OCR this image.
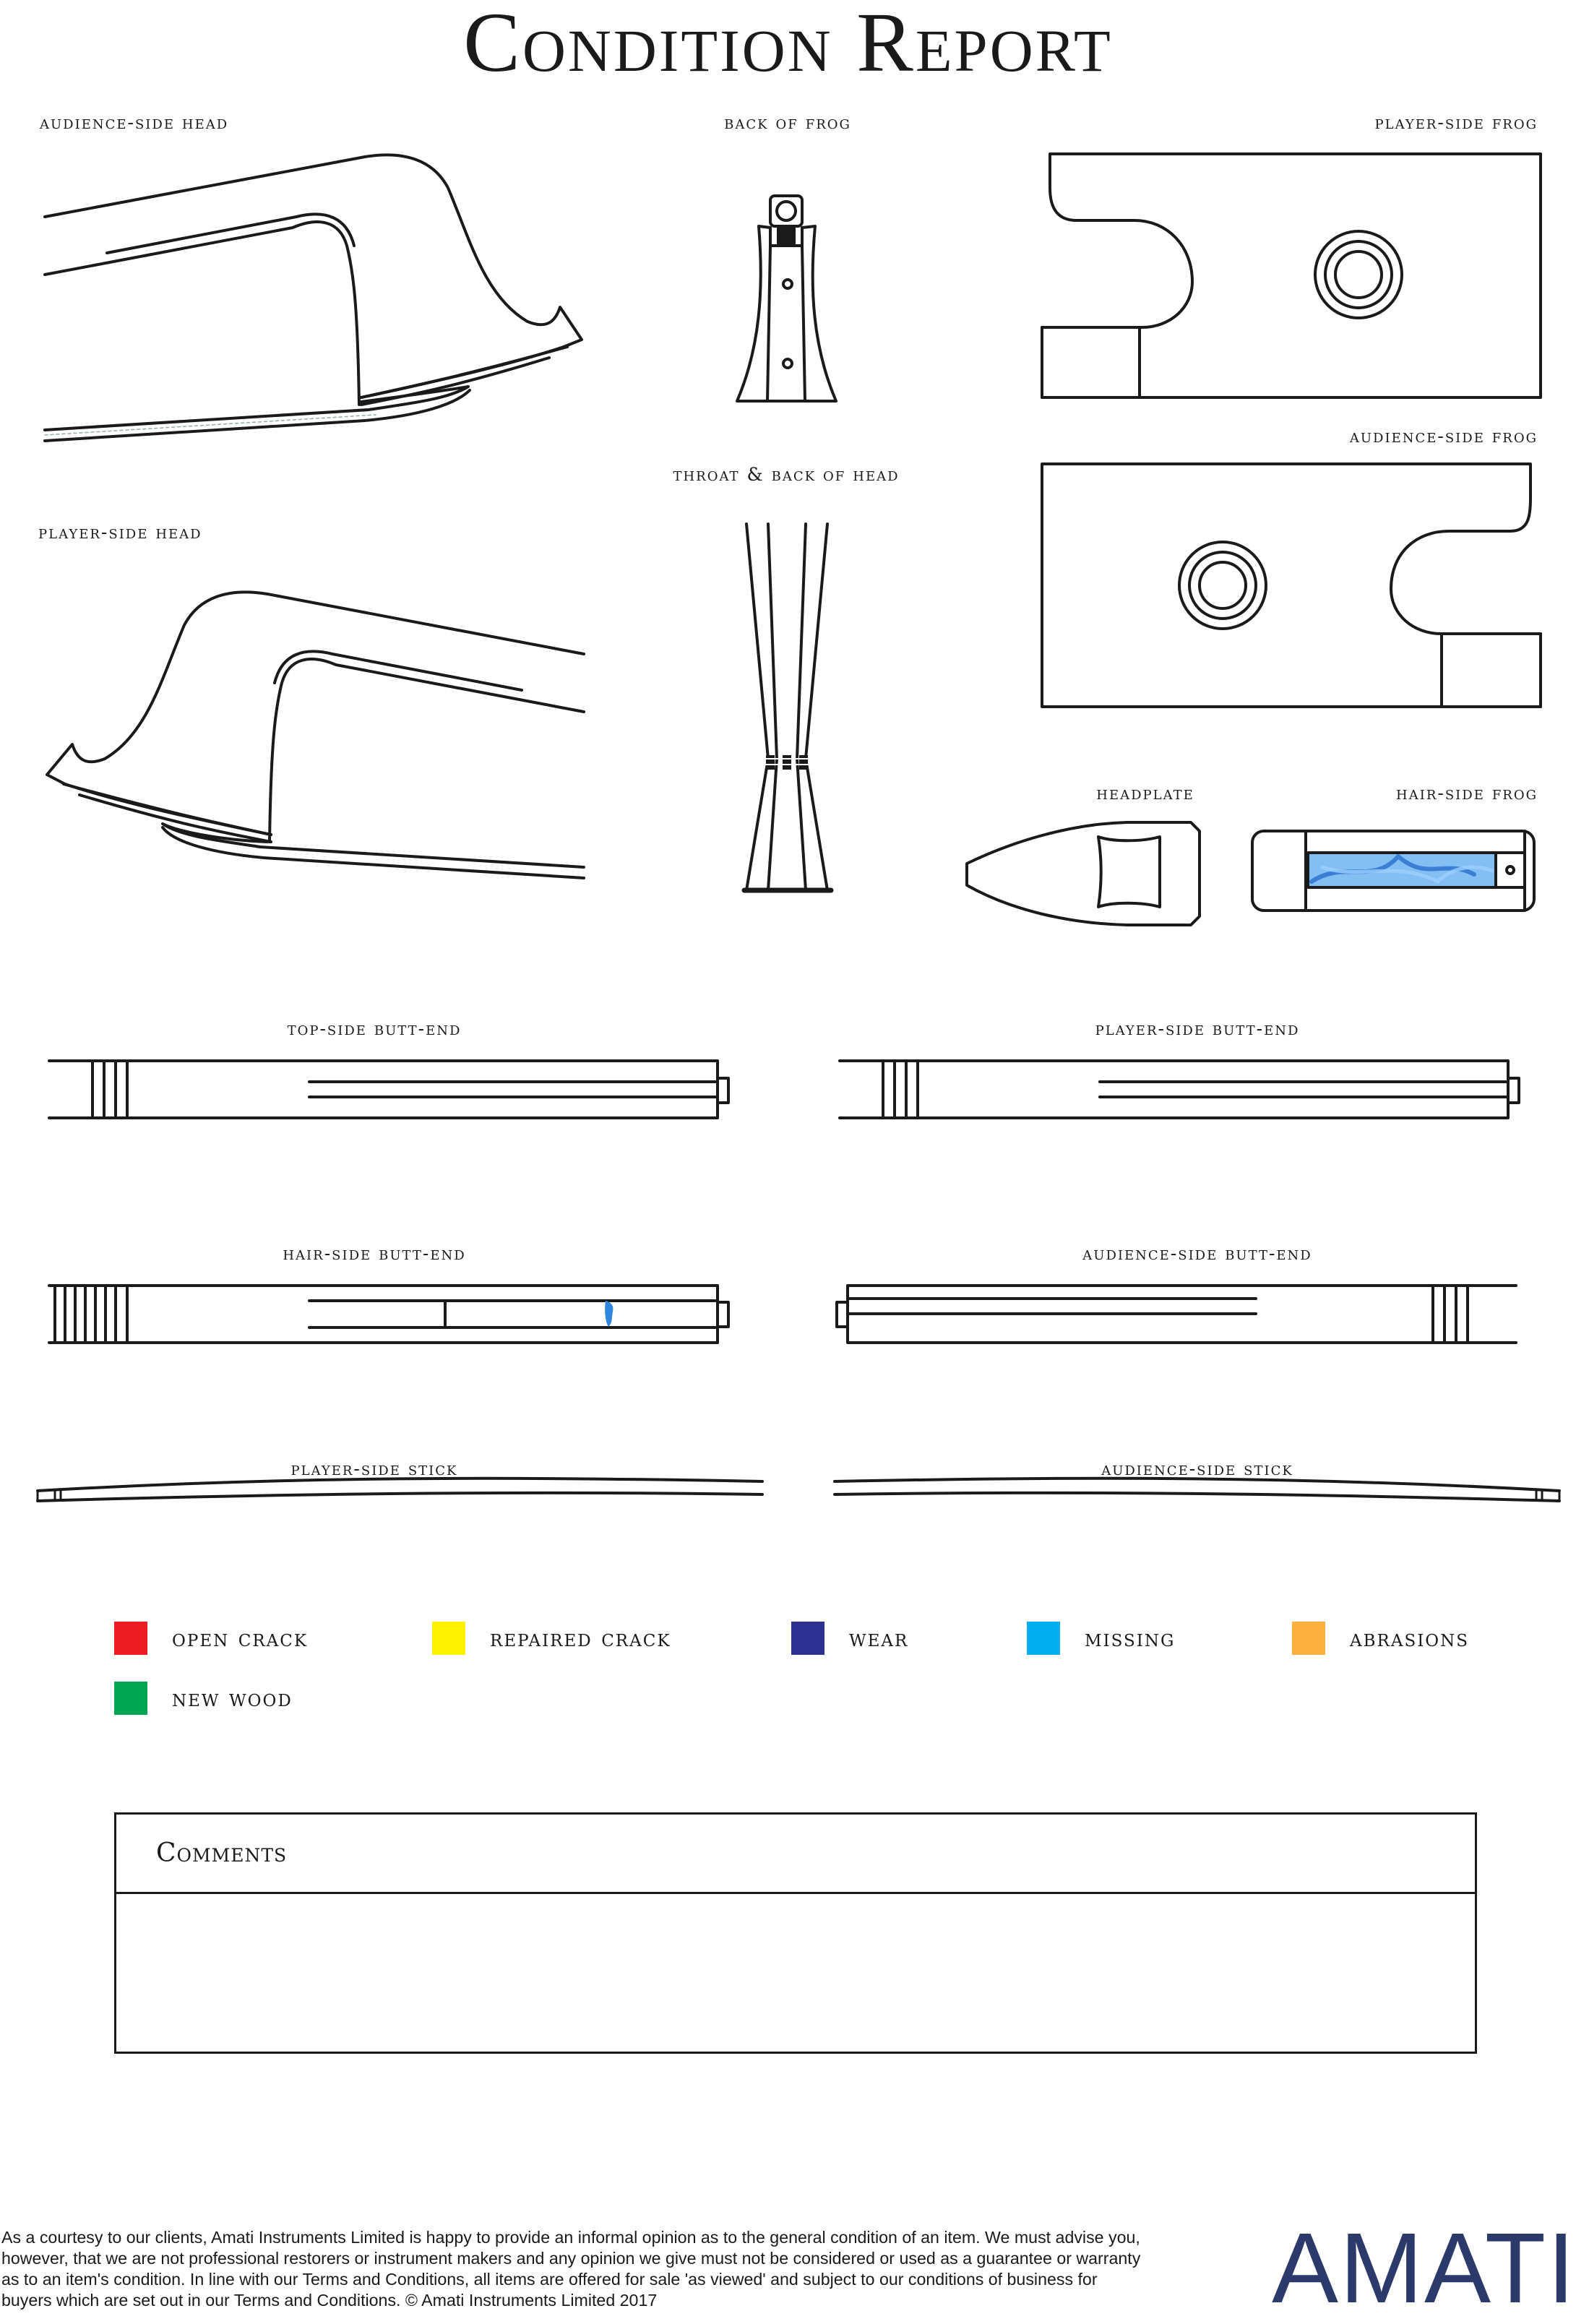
Condition Report
audience-side head	back of frog	player-side frog
throat & back of head
audience-side frog
player-side head
headplate	hair-side frog
top-side butt-end	player-side butt-end
hair-side butt-end	audience-side butt-end
player-side stick	audience-side stick
open crack	repaired crack	wear	missing	abrasions
new wood
Comments
As a courtesy to our clients, Amati Instruments Limited is happy to provide an informal opinion as to the general condition of an item. We must advise you, however, that we are not professional restorers or instrument makers and any opinion we give must not be considered or used as a guarantee or warranty as to an item's condition. In line with our Terms and Conditions, all items are offered for sale 'as viewed' and subject to our conditions of business for buyers which are set out in our Terms and Conditions. © Amati Instruments Limited 2017	AMATI
